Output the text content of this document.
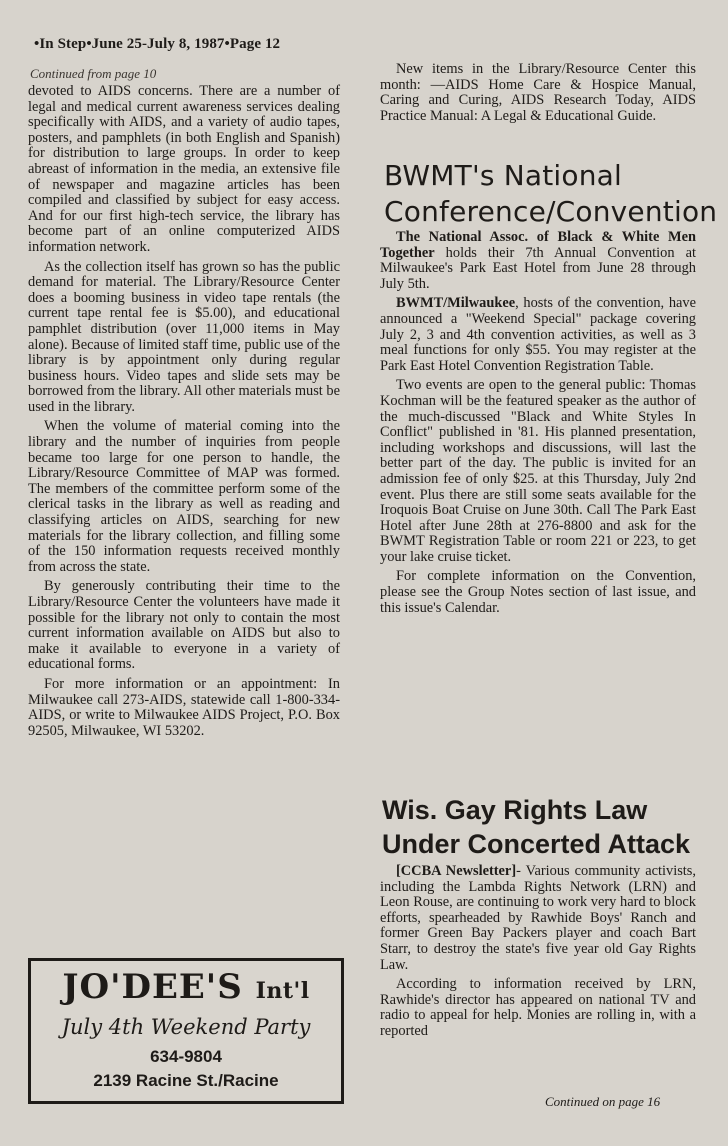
•In Step•June 25-July 8, 1987•Page 12
Continued from page 10

devoted to AIDS concerns. There are a number of legal and medical current awareness services dealing specifically with AIDS, and a variety of audio tapes, posters, and pamphlets (in both English and Spanish) for distribution to large groups. In order to keep abreast of information in the media, an extensive file of newspaper and magazine articles has been compiled and classified by subject for easy access. And for our first high-tech service, the library has become part of an online computerized AIDS information network.

As the collection itself has grown so has the public demand for material. The Library/Resource Center does a booming business in video tape rentals (the current tape rental fee is $5.00), and educational pamphlet distribution (over 11,000 items in May alone). Because of limited staff time, public use of the library is by appointment only during regular business hours. Video tapes and slide sets may be borrowed from the library. All other materials must be used in the library.

When the volume of material coming into the library and the number of inquiries from people became too large for one person to handle, the Library/Resource Committee of MAP was formed. The members of the committee perform some of the clerical tasks in the library as well as reading and classifying articles on AIDS, searching for new materials for the library collection, and filling some of the 150 information requests received monthly from across the state.

By generously contributing their time to the Library/Resource Center the volunteers have made it possible for the library not only to contain the most current information available on AIDS but also to make it available to everyone in a variety of educational forms.

For more information or an appointment: In Milwaukee call 273-AIDS, statewide call 1-800-334-AIDS, or write to Milwaukee AIDS Project, P.O. Box 92505, Milwaukee, WI 53202.

JO'DEE'S Int'l
July 4th Weekend Party
634-9804
2139 Racine St./Racine

New items in the Library/Resource Center this month: —AIDS Home Care & Hospice Manual, Caring and Curing, AIDS Research Today, AIDS Practice Manual: A Legal & Educational Guide.

BWMT's National
Conference/Convention

The National Assoc. of Black & White Men Together holds their 7th Annual Convention at Milwaukee's Park East Hotel from June 28 through July 5th.

BWMT/Milwaukee, hosts of the convention, have announced a "Weekend Special" package covering July 2, 3 and 4th convention activities, as well as 3 meal functions for only $55. You may register at the Park East Hotel Convention Registration Table.

Two events are open to the general public: Thomas Kochman will be the featured speaker as the author of the much-discussed "Black and White Styles In Conflict" published in '81. His planned presentation, including workshops and discussions, will last the better part of the day. The public is invited for an admission fee of only $25. at this Thursday, July 2nd event. Plus there are still some seats available for the Iroquois Boat Cruise on June 30th. Call The Park East Hotel after June 28th at 276-8800 and ask for the BWMT Registration Table or room 221 or 223, to get your lake cruise ticket.

For complete information on the Convention, please see the Group Notes section of last issue, and this issue's Calendar.

Wis. Gay Rights Law
Under Concerted Attack

[CCBA Newsletter]- Various community activists, including the Lambda Rights Network (LRN) and Leon Rouse, are continuing to work very hard to block efforts, spearheaded by Rawhide Boys' Ranch and former Green Bay Packers player and coach Bart Starr, to destroy the state's five year old Gay Rights Law.

According to information received by LRN, Rawhide's director has appeared on national TV and radio to appeal for help. Monies are rolling in, with a reported

Continued on page 16
